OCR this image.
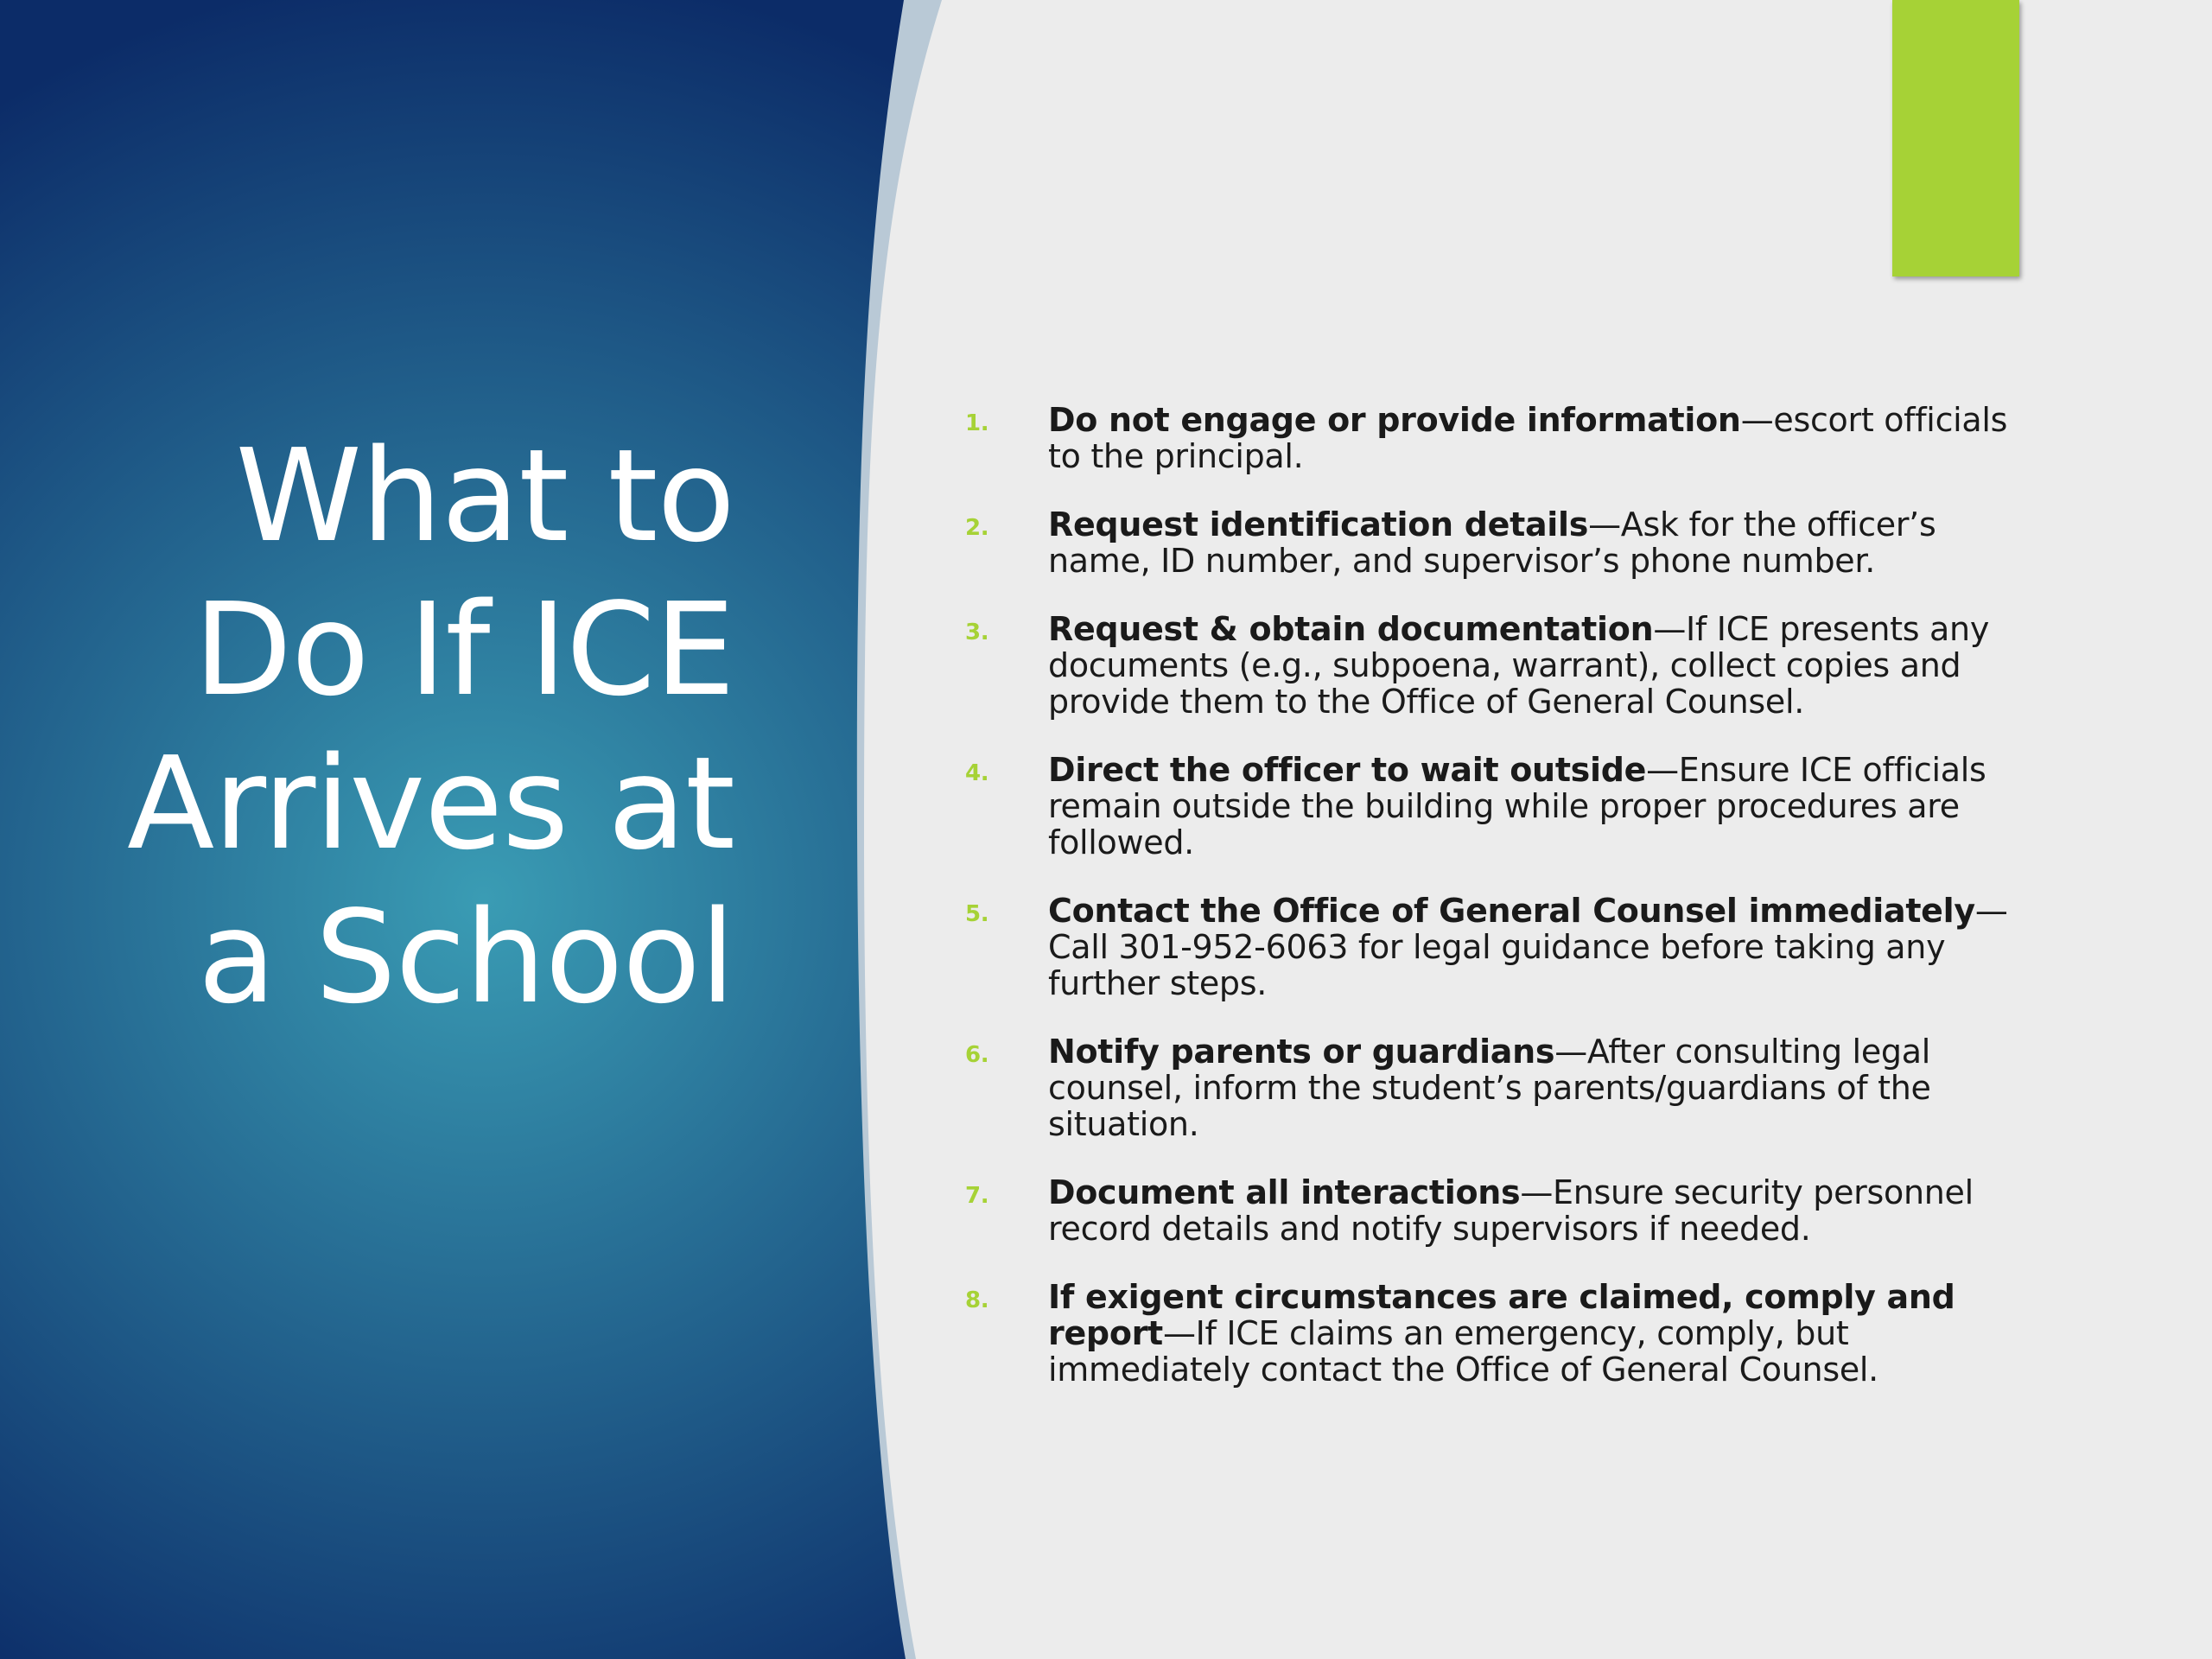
What to
Do If ICE
Arrives at
a School
1. Do not engage or provide information—escort officials to the principal.
2. Request identification details—Ask for the officer’s name, ID number, and supervisor’s phone number.
3. Request & obtain documentation—If ICE presents any documents (e.g., subpoena, warrant), collect copies and provide them to the Office of General Counsel.
4. Direct the officer to wait outside—Ensure ICE officials remain outside the building while proper procedures are followed.
5. Contact the Office of General Counsel immediately—Call 301-952-6063 for legal guidance before taking any further steps.
6. Notify parents or guardians—After consulting legal counsel, inform the student’s parents/guardians of the situation.
7. Document all interactions—Ensure security personnel record details and notify supervisors if needed.
8. If exigent circumstances are claimed, comply and report—If ICE claims an emergency, comply, but immediately contact the Office of General Counsel.
